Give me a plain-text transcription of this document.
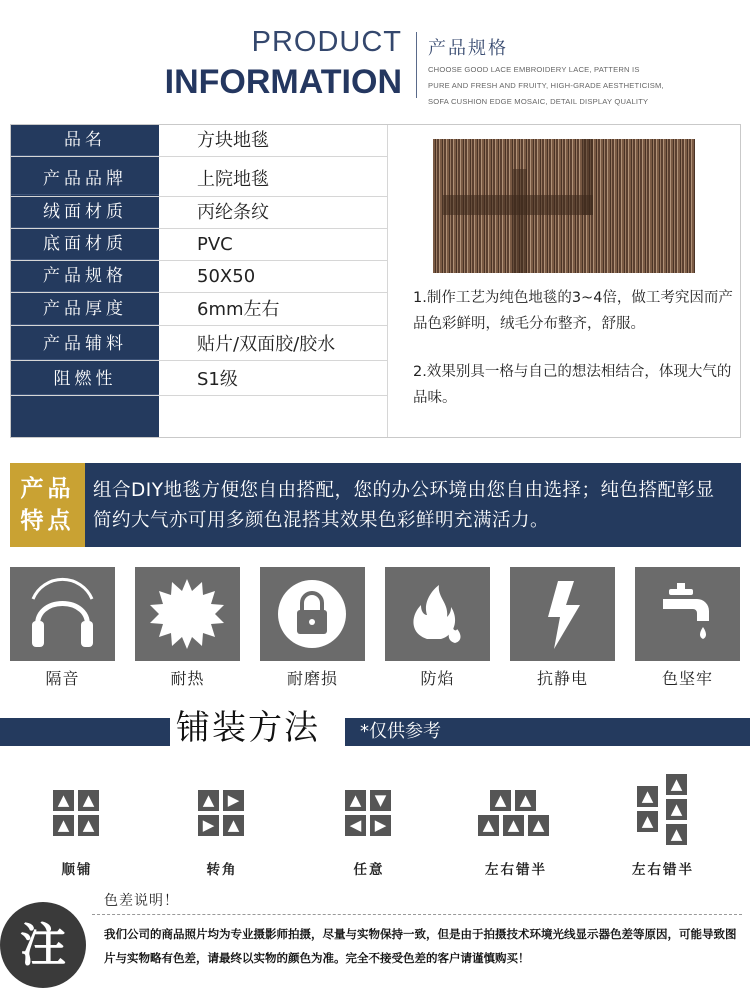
PRODUCT
INFORMATION
产品规格
CHOOSE GOOD LACE EMBROIDERY LACE, PATTERN IS
PURE AND FRESH AND FRUITY, HIGH-GRADE AESTHETICISM,
SOFA CUSHION EDGE MOSAIC, DETAIL DISPLAY QUALITY
品名	方块地毯
产品品牌	上院地毯
绒面材质	丙纶条纹
底面材质	PVC
产品规格	50X50
产品厚度	6mm左右
产品辅料	贴片/双面胶/胶水
阻燃性	S1级

1.制作工艺为纯色地毯的3~4倍，做工考究因而产品色彩鲜明，绒毛分布整齐，舒服。

2.效果别具一格与自己的想法相结合，体现大气的品味。

产品
特点
组合DIY地毯方便您自由搭配，您的办公环境由您自由选择；纯色搭配彰显简约大气亦可用多颜色混搭其效果色彩鲜明充满活力。
隔音	耐热	耐磨损	防焰	抗静电	色坚牢
铺装方法	*仅供参考
▲ ▲
▲ ▲
顺铺
▲ ▶
▶ ▲
转角
▲ ▼
◀ ▶
任意
▲ ▲
▲ ▲ ▲
左右错半
▲
▲
▲
▲
▲
左右错半
注
色差说明！
我们公司的商品照片均为专业摄影师拍摄，尽量与实物保持一致，但是由于拍摄技术环境光线显示器色差等原因，可能导致图片与实物略有色差，请最终以实物的颜色为准。完全不接受色差的客户请谨慎购买！
